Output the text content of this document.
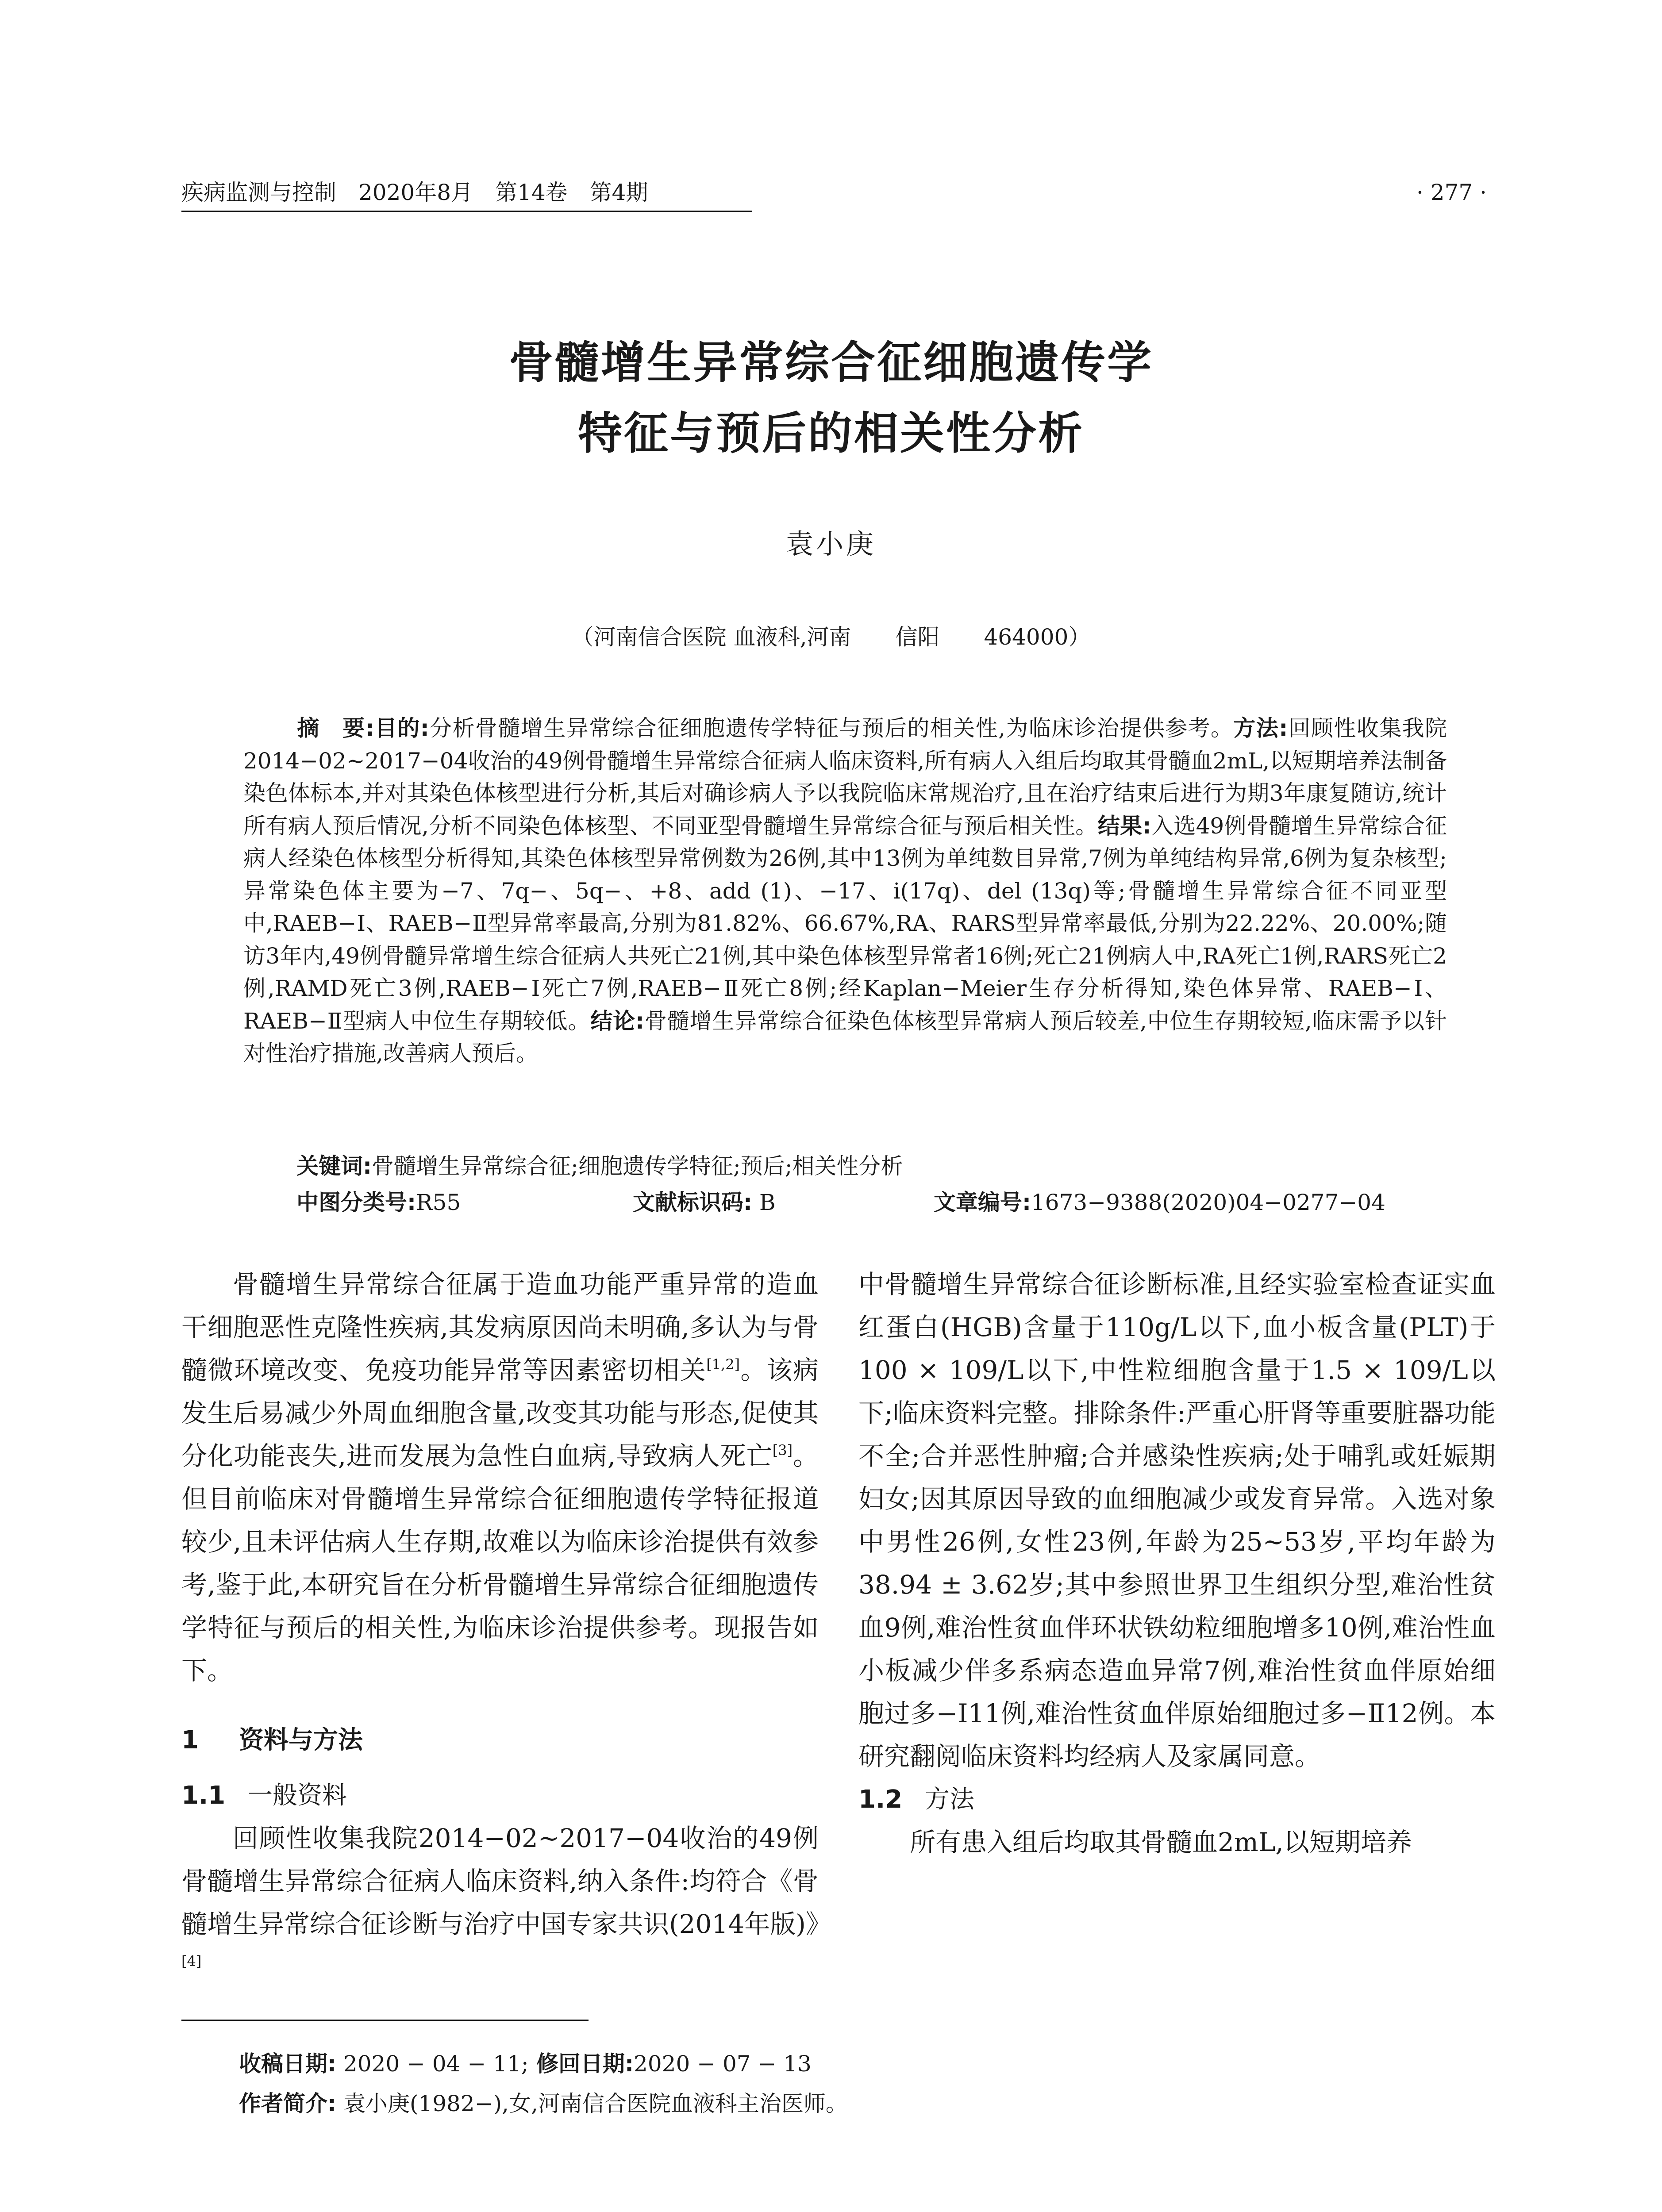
疾病监测与控制　2020年8月　第14卷　第4期	· 277 ·
骨髓增生异常综合征细胞遗传学
特征与预后的相关性分析
袁小庚
（河南信合医院 血液科,河南　　信阳　　464000）
摘　要:目的:分析骨髓增生异常综合征细胞遗传学特征与预后的相关性,为临床诊治提供参考。方法:回顾性收集我院2014−02~2017−04收治的49例骨髓增生异常综合征病人临床资料,所有病人入组后均取其骨髓血2mL,以短期培养法制备染色体标本,并对其染色体核型进行分析,其后对确诊病人予以我院临床常规治疗,且在治疗结束后进行为期3年康复随访,统计所有病人预后情况,分析不同染色体核型、不同亚型骨髓增生异常综合征与预后相关性。结果:入选49例骨髓增生异常综合征病人经染色体核型分析得知,其染色体核型异常例数为26例,其中13例为单纯数目异常,7例为单纯结构异常,6例为复杂核型;异常染色体主要为−7、7q−、5q−、+8、add (1)、−17、i(17q)、del (13q)等;骨髓增生异常综合征不同亚型中,RAEB−Ⅰ、RAEB−Ⅱ型异常率最高,分别为81.82%、66.67%,RA、RARS型异常率最低,分别为22.22%、20.00%;随访3年内,49例骨髓异常增生综合征病人共死亡21例,其中染色体核型异常者16例;死亡21例病人中,RA死亡1例,RARS死亡2例,RAMD死亡3例,RAEB−Ⅰ死亡7例,RAEB−Ⅱ死亡8例;经Kaplan−Meier生存分析得知,染色体异常、RAEB−Ⅰ、RAEB−Ⅱ型病人中位生存期较低。结论:骨髓增生异常综合征染色体核型异常病人预后较差,中位生存期较短,临床需予以针对性治疗措施,改善病人预后。
关键词:骨髓增生异常综合征;细胞遗传学特征;预后;相关性分析
中图分类号:R55	文献标识码: B	文章编号:1673−9388(2020)04−0277−04

骨髓增生异常综合征属于造血功能严重异常的造血干细胞恶性克隆性疾病,其发病原因尚未明确,多认为与骨髓微环境改变、免疫功能异常等因素密切相关[1,2]。该病发生后易减少外周血细胞含量,改变其功能与形态,促使其分化功能丧失,进而发展为急性白血病,导致病人死亡[3]。但目前临床对骨髓增生异常综合征细胞遗传学特征报道较少,且未评估病人生存期,故难以为临床诊治提供有效参考,鉴于此,本研究旨在分析骨髓增生异常综合征细胞遗传学特征与预后的相关性,为临床诊治提供参考。现报告如下。

1 资料与方法
1.1 一般资料

回顾性收集我院2014−02~2017−04收治的49例骨髓增生异常综合征病人临床资料,纳入条件:均符合《骨髓增生异常综合征诊断与治疗中国专家共识(2014年版)》[4]

中骨髓增生异常综合征诊断标准,且经实验室检查证实血红蛋白(HGB)含量于110g/L以下,血小板含量(PLT)于100 × 109/L以下,中性粒细胞含量于1.5 × 109/L以下;临床资料完整。排除条件:严重心肝肾等重要脏器功能不全;合并恶性肿瘤;合并感染性疾病;处于哺乳或妊娠期妇女;因其原因导致的血细胞减少或发育异常。入选对象中男性26例,女性23例,年龄为25~53岁,平均年龄为38.94 ± 3.62岁;其中参照世界卫生组织分型,难治性贫血9例,难治性贫血伴环状铁幼粒细胞增多10例,难治性血小板减少伴多系病态造血异常7例,难治性贫血伴原始细胞过多−Ⅰ11例,难治性贫血伴原始细胞过多−Ⅱ12例。本研究翻阅临床资料均经病人及家属同意。

1.2 方法

所有患入组后均取其骨髓血2mL,以短期培养

收稿日期: 2020 − 04 − 11; 修回日期:2020 − 07 − 13
作者简介: 袁小庚(1982−),女,河南信合医院血液科主治医师。
